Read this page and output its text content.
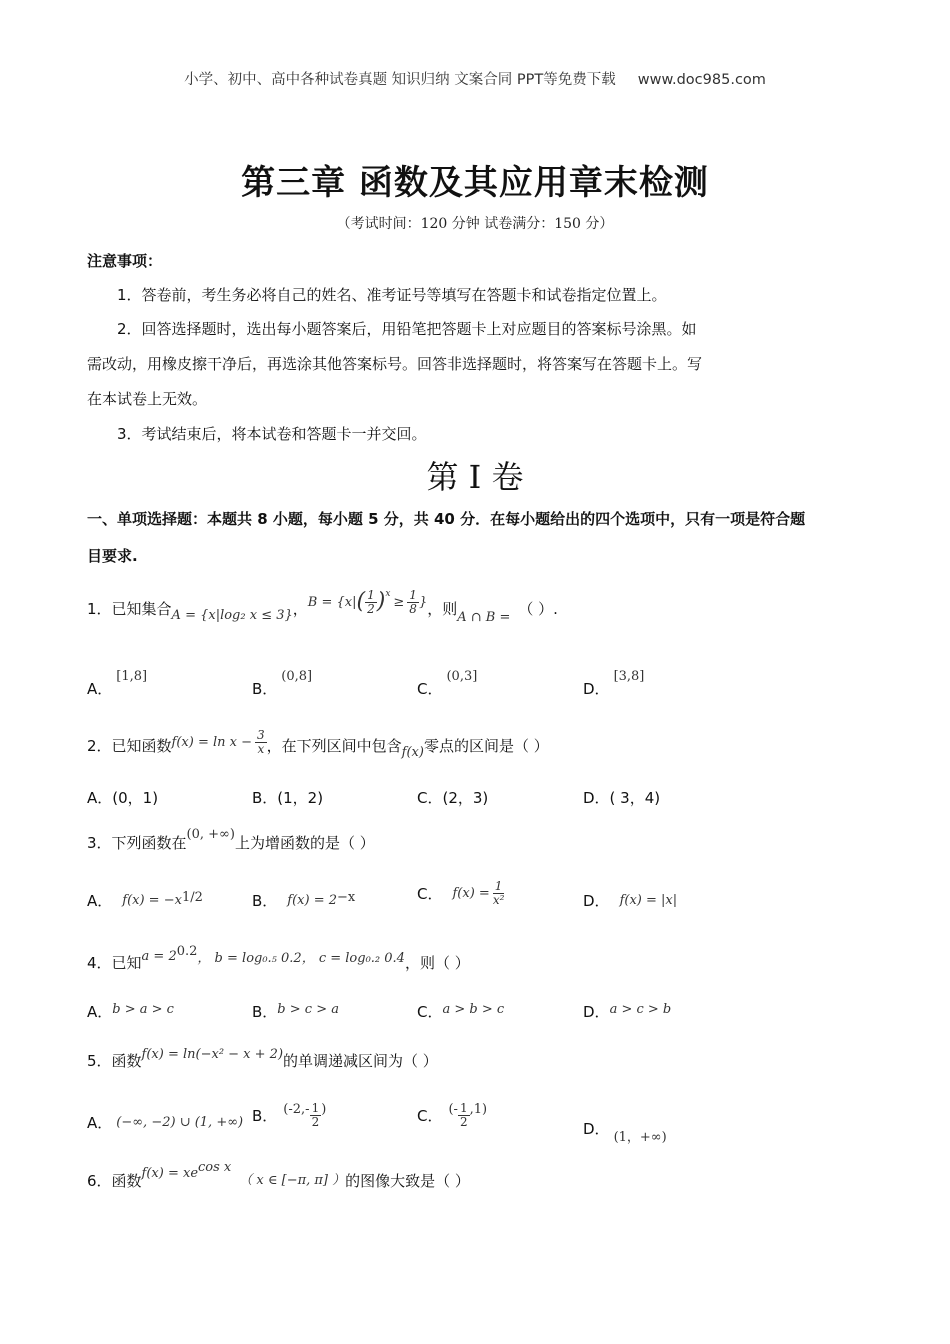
小学、初中、高中各种试卷真题 知识归纳 文案合同 PPT等免费下载 www.doc985.com
第三章 函数及其应用章末检测
（考试时间：120 分钟 试卷满分：150 分）
注意事项：
1．答卷前，考生务必将自己的姓名、准考证号等填写在答题卡和试卷指定位置上。
2．回答选择题时，选出每小题答案后，用铅笔把答题卡上对应题目的答案标号涂黑。如
需改动，用橡皮擦干净后，再选涂其他答案标号。回答非选择题时，将答案写在答题卡上。写
在本试卷上无效。
3．考试结束后，将本试卷和答题卡一并交回。
第 I 卷
一、单项选择题：本题共 8 小题，每小题 5 分，共 40 分．在每小题给出的四个选项中，只有一项是符合题
目要求.
1．已知集合 A = {x|log₂ x ≤ 3} ， B = {x| ( $\frac{1}{2} )^x$
≥ $\frac{1}{8}$ } ，则 A ∩ B = （ ）.
A．[1,8]
B．(0,8]
C．(0,3]
D．[3,8]
2．已知函数 $f(x) = \ln x - \frac{3}{x}$ ，在下列区间中包含 f(x) 零点的区间是（ ）
A．(0，1)	B．(1，2)	C．(2，3)	D．( 3，4)
3．下列函数在 (0, +∞) 上为增函数的是（ ）
A． f(x) = −x 1/2	B． f(x) = 2 −x	C． $f(x) = \frac{1}{\text{x²}}$	D． f(x) = |x|
4．已知 a = 2 0.2 ， b = log₀.₅ 0.2， c = log₀.₂ 0.4 ，则（ ）
A．b > a > c	B．b > c > a	C．a > b > c	D．a > c > b
5．函数 f(x) = ln(−x² − x + 2) 的单调递减区间为（ ）
A． (−∞, −2) ∪ (1, +∞) B． ($-2,- \frac{1}{2}$ )	C． (- $\frac{1}{2} ,1$)
D． (1，+∞)
6．函数 f(x) = xe cos x
（ x ∈ [−π, π] ） 的图像大致是（ ）
